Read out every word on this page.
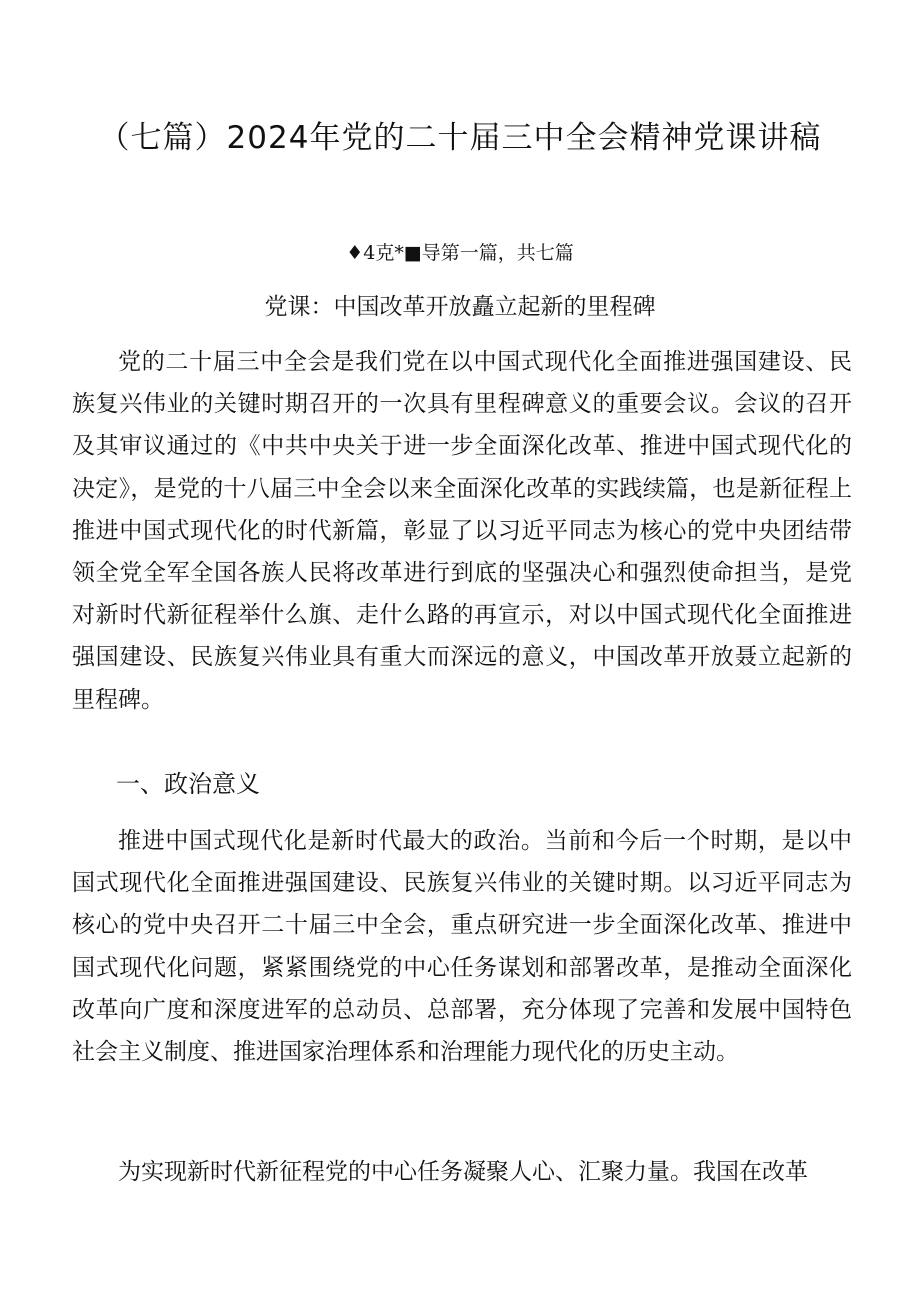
（七篇）2024年党的二十届三中全会精神党课讲稿
♦4克*■导第一篇，共七篇
党课：中国改革开放矗立起新的里程碑

党的二十届三中全会是我们党在以中国式现代化全面推进强国建设、民族复兴伟业的关键时期召开的一次具有里程碑意义的重要会议。会议的召开及其审议通过的《中共中央关于进一步全面深化改革、推进中国式现代化的决定》，是党的十八届三中全会以来全面深化改革的实践续篇，也是新征程上推进中国式现代化的时代新篇，彰显了以习近平同志为核心的党中央团结带领全党全军全国各族人民将改革进行到底的坚强决心和强烈使命担当，是党对新时代新征程举什么旗、走什么路的再宣示，对以中国式现代化全面推进强国建设、民族复兴伟业具有重大而深远的意义，中国改革开放聂立起新的里程碑。

一、政治意义

推进中国式现代化是新时代最大的政治。当前和今后一个时期，是以中国式现代化全面推进强国建设、民族复兴伟业的关键时期。以习近平同志为核心的党中央召开二十届三中全会，重点研究进一步全面深化改革、推进中国式现代化问题，紧紧围绕党的中心任务谋划和部署改革，是推动全面深化改革向广度和深度进军的总动员、总部署，充分体现了完善和发展中国特色社会主义制度、推进国家治理体系和治理能力现代化的历史主动。

为实现新时代新征程党的中心任务凝聚人心、汇聚力量。我国在改革
